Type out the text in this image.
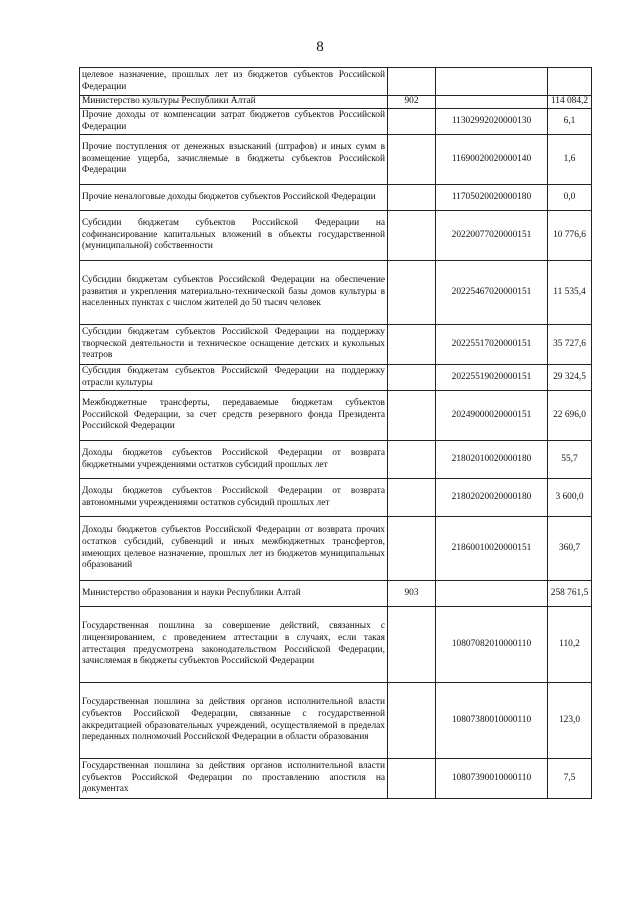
8
целевое назначение, прошлых лет из бюджетов субъектов Российской Федерации			
Министерство культуры Республики Алтай	902		114 084,2
Прочие доходы от компенсации затрат бюджетов субъектов Российской Федерации		11302992020000130	6,1
Прочие поступления от денежных взысканий (штрафов) и иных сумм в возмещение ущерба, зачисляемые в бюджеты субъектов Российской Федерации		11690020020000140	1,6
Прочие неналоговые доходы бюджетов субъектов Российской Федерации		11705020020000180	0,0
Субсидии бюджетам субъектов Российской Федерации на софинансирование капитальных вложений в объекты государственной (муниципальной) собственности		20220077020000151	10 776,6
Субсидии бюджетам субъектов Российской Федерации на обеспечение развития и укрепления материально-технической базы домов культуры в населенных пунктах с числом жителей до 50 тысяч человек		20225467020000151	11 535,4
Субсидии бюджетам субъектов Российской Федерации на поддержку творческой деятельности и техническое оснащение детских и кукольных театров		20225517020000151	35 727,6
Субсидия бюджетам субъектов Российской Федерации на поддержку отрасли культуры		20225519020000151	29 324,5
Межбюджетные трансферты, передаваемые бюджетам субъектов Российской Федерации, за счет средств резервного фонда Президента Российской Федерации		20249000020000151	22 696,0
Доходы бюджетов субъектов Российской Федерации от возврата бюджетными учреждениями остатков субсидий прошлых лет		21802010020000180	55,7
Доходы бюджетов субъектов Российской Федерации от возврата автономными учреждениями остатков субсидий прошлых лет		21802020020000180	3 600,0
Доходы бюджетов субъектов Российской Федерации от возврата прочих остатков субсидий, субвенций и иных межбюджетных трансфертов, имеющих целевое назначение, прошлых лет из бюджетов муниципальных образований		21860010020000151	360,7
Министерство образования и науки Республики Алтай	903		258 761,5
Государственная пошлина за совершение действий, связанных с лицензированием, с проведением аттестации в случаях, если такая аттестация предусмотрена законодательством Российской Федерации, зачисляемая в бюджеты субъектов Российской Федерации		10807082010000110	110,2
Государственная пошлина за действия органов исполнительной власти субъектов Российской Федерации, связанные с государственной аккредитацией образовательных учреждений, осуществляемой в пределах переданных полномочий Российской Федерации в области образования		10807380010000110	123,0
Государственная пошлина за действия органов исполнительной власти субъектов Российской Федерации по проставлению апостиля на документах		10807390010000110	7,5
